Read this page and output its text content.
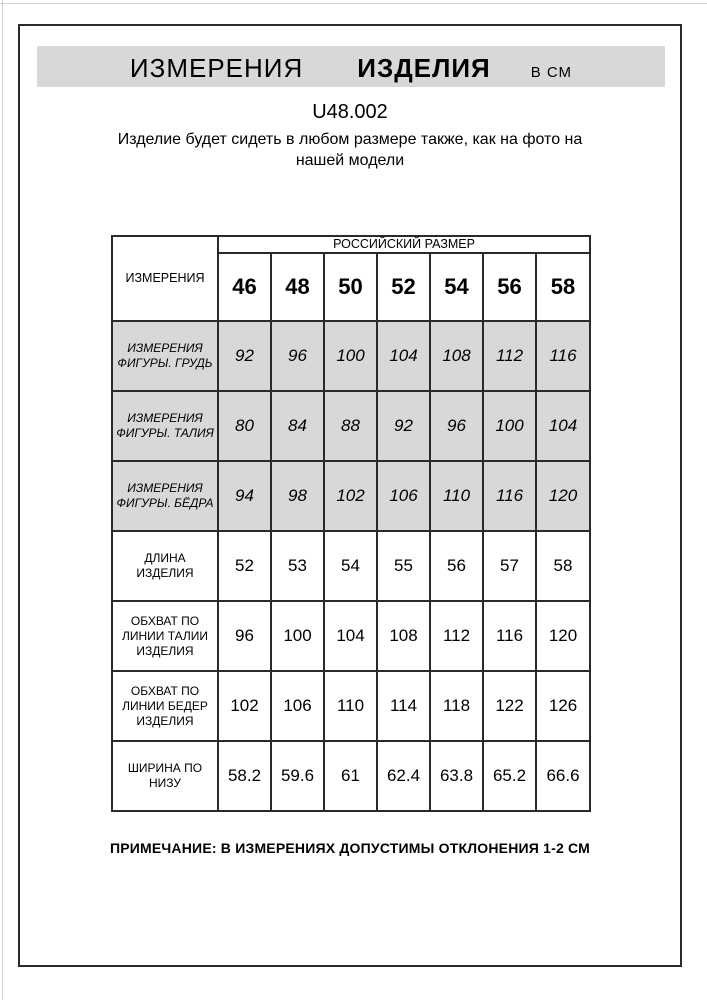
ИЗМЕРЕНИЯ ИЗДЕЛИЯ	В СМ
U48.002
Изделие будет сидеть в любом размере также, как на фото на
нашей модели
ИЗМЕРЕНИЯ	РОССИЙСКИЙ РАЗМЕР						
	46	48	50	52	54	56	58
ИЗМЕРЕНИЯ ФИГУРЫ. ГРУДЬ	92	96	100	104	108	112	116
ИЗМЕРЕНИЯ ФИГУРЫ. ТАЛИЯ	80	84	88	92	96	100	104
ИЗМЕРЕНИЯ ФИГУРЫ. БЁДРА	94	98	102	106	110	116	120
ДЛИНА ИЗДЕЛИЯ	52	53	54	55	56	57	58
ОБХВАТ ПО ЛИНИИ ТАЛИИ ИЗДЕЛИЯ	96	100	104	108	112	116	120
ОБХВАТ ПО ЛИНИИ БЕДЕР ИЗДЕЛИЯ	102	106	110	114	118	122	126
ШИРИНА ПО НИЗУ	58.2	59.6	61	62.4	63.8	65.2	66.6
ПРИМЕЧАНИЕ: В ИЗМЕРЕНИЯХ ДОПУСТИМЫ ОТКЛОНЕНИЯ 1-2 СМ
